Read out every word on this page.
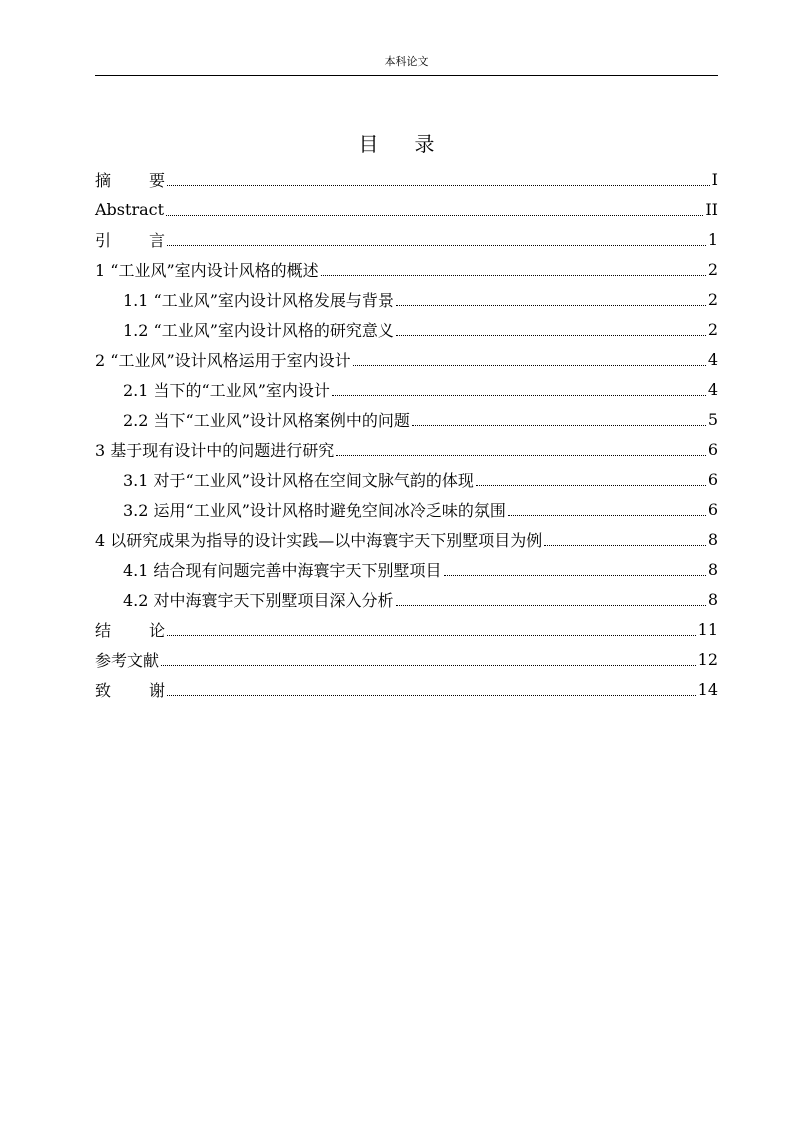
本科论文
目 录
摘 要	I
Abstract	II
引 言	1
1 “工业风”室内设计风格的概述	2
1.1 “工业风”室内设计风格发展与背景	2
1.2 “工业风”室内设计风格的研究意义	2
2 “工业风”设计风格运用于室内设计	4
2.1 当下的“工业风”室内设计	4
2.2 当下“工业风”设计风格案例中的问题	5
3 基于现有设计中的问题进行研究	6
3.1 对于“工业风”设计风格在空间文脉气韵的体现	6
3.2 运用“工业风”设计风格时避免空间冰冷乏味的氛围	6
4 以研究成果为指导的设计实践—以中海寰宇天下别墅项目为例	8
4.1 结合现有问题完善中海寰宇天下别墅项目	8
4.2 对中海寰宇天下别墅项目深入分析	8
结 论	11
参考文献	12
致 谢	14
